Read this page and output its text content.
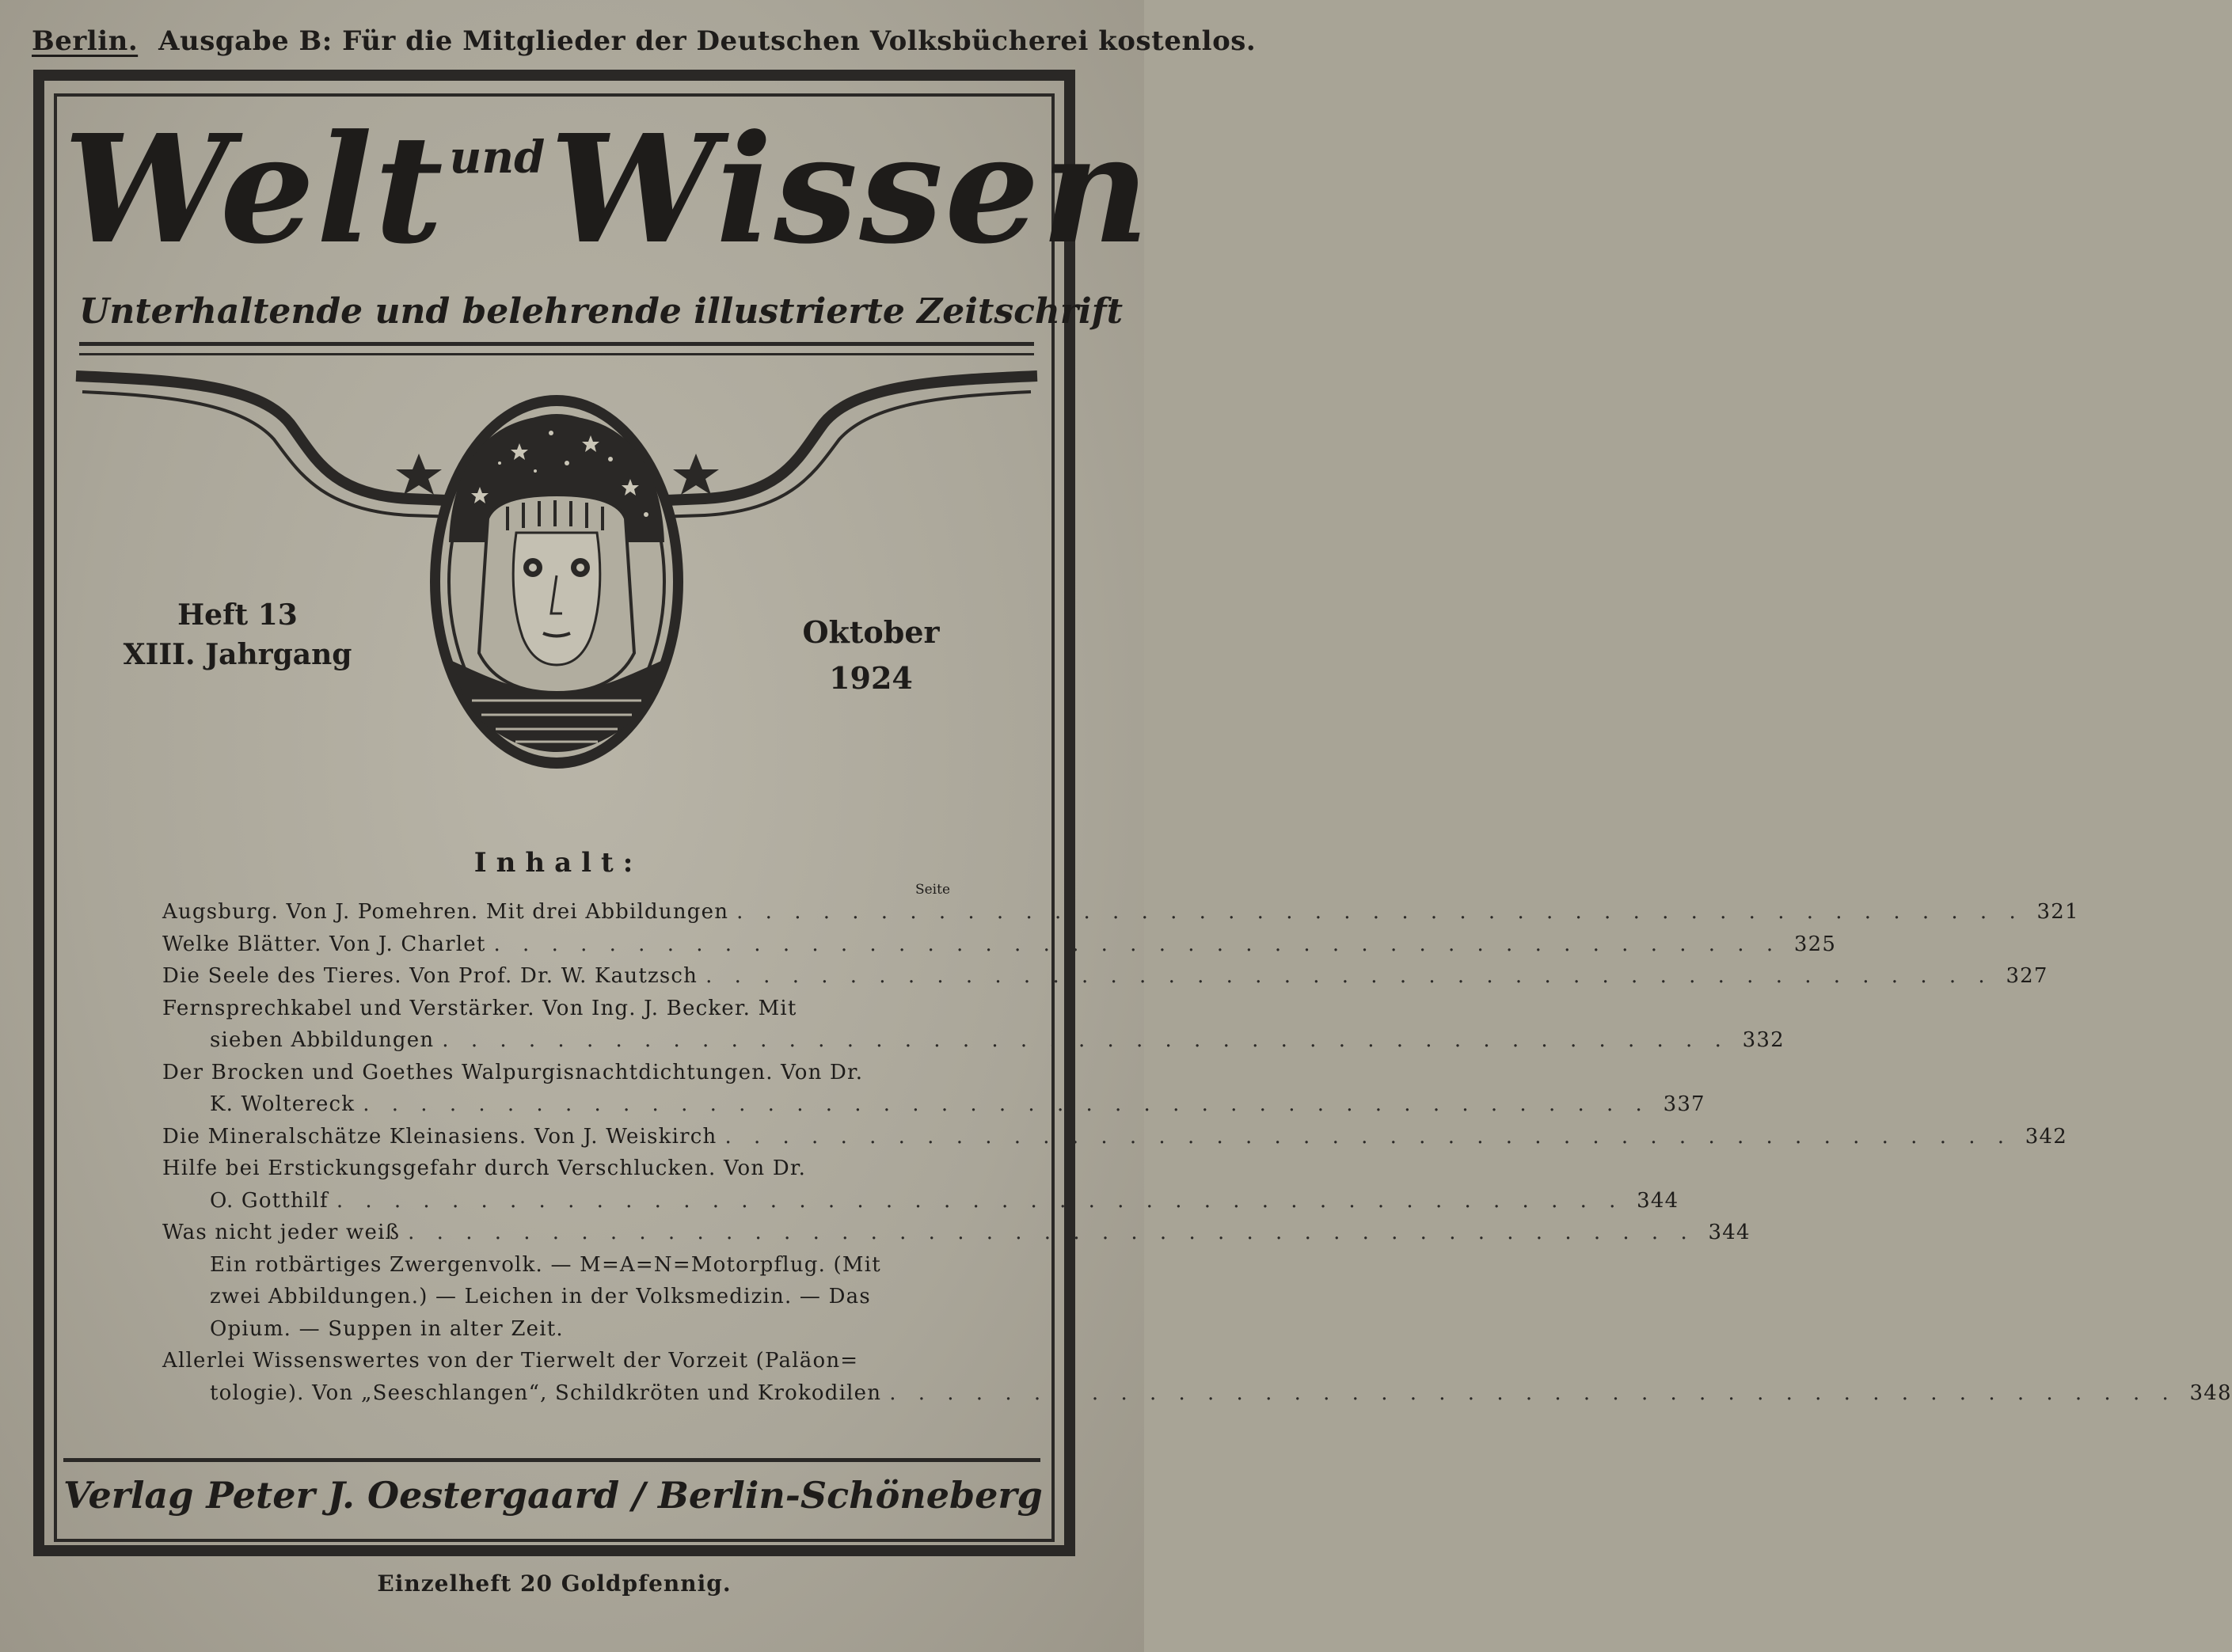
Berlin. Ausgabe B: Für die Mitglieder der Deutschen Volksbücherei kostenlos.
Welt undWissen
Unterhaltende und belehrende illustrierte Zeitschrift
Heft 13
XIII. Jahrgang
Oktober
1924
Inhalt:
Seite
Augsburg. Von J. Pomehren. Mit drei Abbildungen . . . . . . . . . . . . . . . . . . . . . . . . . . . . . . . . . . . . . . . . . . . . . 321
Welke Blätter. Von J. Charlet . . . . . . . . . . . . . . . . . . . . . . . . . . . . . . . . . . . . . . . . . . . . . 325
Die Seele des Tieres. Von Prof. Dr. W. Kautzsch . . . . . . . . . . . . . . . . . . . . . . . . . . . . . . . . . . . . . . . . . . . . . 327
Fernsprechkabel und Verstärker. Von Ing. J. Becker. Mit
sieben Abbildungen . . . . . . . . . . . . . . . . . . . . . . . . . . . . . . . . . . . . . . . . . . . . . 332
Der Brocken und Goethes Walpurgisnachtdichtungen. Von Dr.
K. Woltereck . . . . . . . . . . . . . . . . . . . . . . . . . . . . . . . . . . . . . . . . . . . . . 337
Die Mineralschätze Kleinasiens. Von J. Weiskirch . . . . . . . . . . . . . . . . . . . . . . . . . . . . . . . . . . . . . . . . . . . . . 342
Hilfe bei Erstickungsgefahr durch Verschlucken. Von Dr.
O. Gotthilf . . . . . . . . . . . . . . . . . . . . . . . . . . . . . . . . . . . . . . . . . . . . . 344
Was nicht jeder weiß . . . . . . . . . . . . . . . . . . . . . . . . . . . . . . . . . . . . . . . . . . . . . 344
Ein rotbärtiges Zwergenvolk. — M=A=N=Motorpflug. (Mit
zwei Abbildungen.) — Leichen in der Volksmedizin. — Das
Opium. — Suppen in alter Zeit.
Allerlei Wissenswertes von der Tierwelt der Vorzeit (Paläon=
tologie). Von „Seeschlangen“, Schildkröten und Krokodilen . . . . . . . . . . . . . . . . . . . . . . . . . . . . . . . . . . . . . . . . . . . . . 348
Verlag Peter J. Oestergaard / Berlin-Schöneberg
Einzelheft 20 Goldpfennig.
